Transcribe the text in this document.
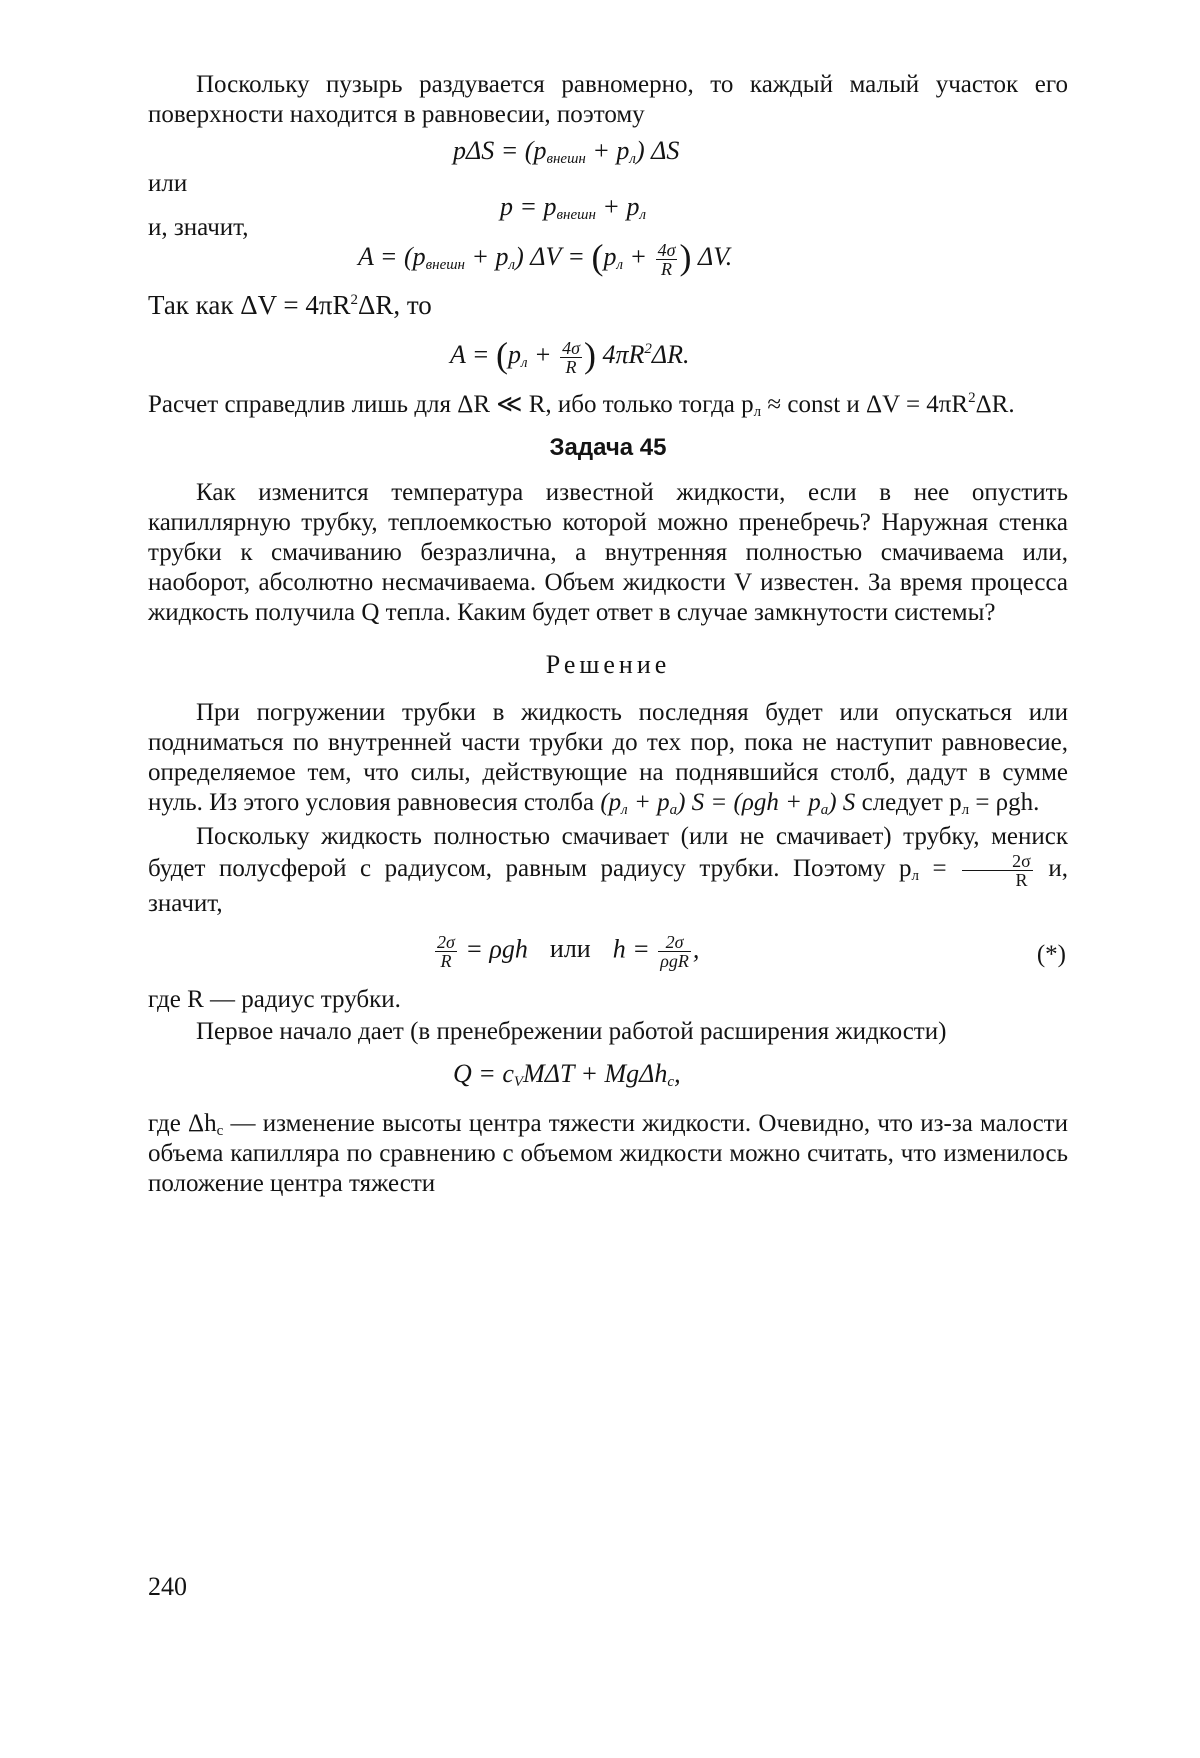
Поскольку пузырь раздувается равномерно, то каждый малый участок его поверхности находится в равновесии, поэтому

$p\Delta S = (p_{внешн} + p_л)$ ΔS
или
$p = p_{внешн} + p_л$
и, значит,
$A = (p_{внешн} + p_л) \Delta V = (p_л + \frac{4\sigma}{R}$ ) ΔV.

Так как $\Delta V = 4\pi R^2\Delta R$, то

$A = (p_л + \frac{4\sigma}{R}$ ) $4\pi R^2\Delta R$.

Расчет справедлив лишь для ΔR ≪ R, ибо только тогда $p_л$ ≈ const и $\Delta V = 4\pi R^2\Delta R$.

Задача 45

Как изменится температура известной жидкости, если в нее опустить капиллярную трубку, теплоемкостью которой можно пренебречь? Наружная стенка трубки к смачиванию безразлична, а внутренняя полностью смачиваема или, наоборот, абсолютно несмачиваема. Объем жидкости V известен. За время процесса жидкость получила Q тепла. Каким будет ответ в случае замкнутости системы?

Решение

При погружении трубки в жидкость последняя будет или опускаться или подниматься по внутренней части трубки до тех пор, пока не наступит равновесие, определяемое тем, что силы, действующие на поднявшийся столб, дадут в сумме нуль. Из этого условия равновесия столба $(p_л + p_а) S = (\rho gh + p_а)$ S следует $p_л = \rho gh$.

Поскольку жидкость полностью смачивает (или не смачивает) трубку, мениск будет полусферой с радиусом, равным радиусу трубки. Поэтому $p_л = \frac{2\sigma}{R} и$, значит,

$\frac{2\sigma}{R} = \rho gh$ или $h = \frac{2\sigma}{\text{ρgR}}$ ,	(*)

где R — радиус трубки.

Первое начало дает (в пренебрежении работой расширения жидкости)

$Q = c_VM\Delta T + Mg\Delta h_c$,

где $\Delta h_c$ — изменение высоты центра тяжести жидкости. Очевидно, что из-за малости объема капилляра по сравнению с объемом жидкости можно считать, что изменилось положение центра тяжести

240
